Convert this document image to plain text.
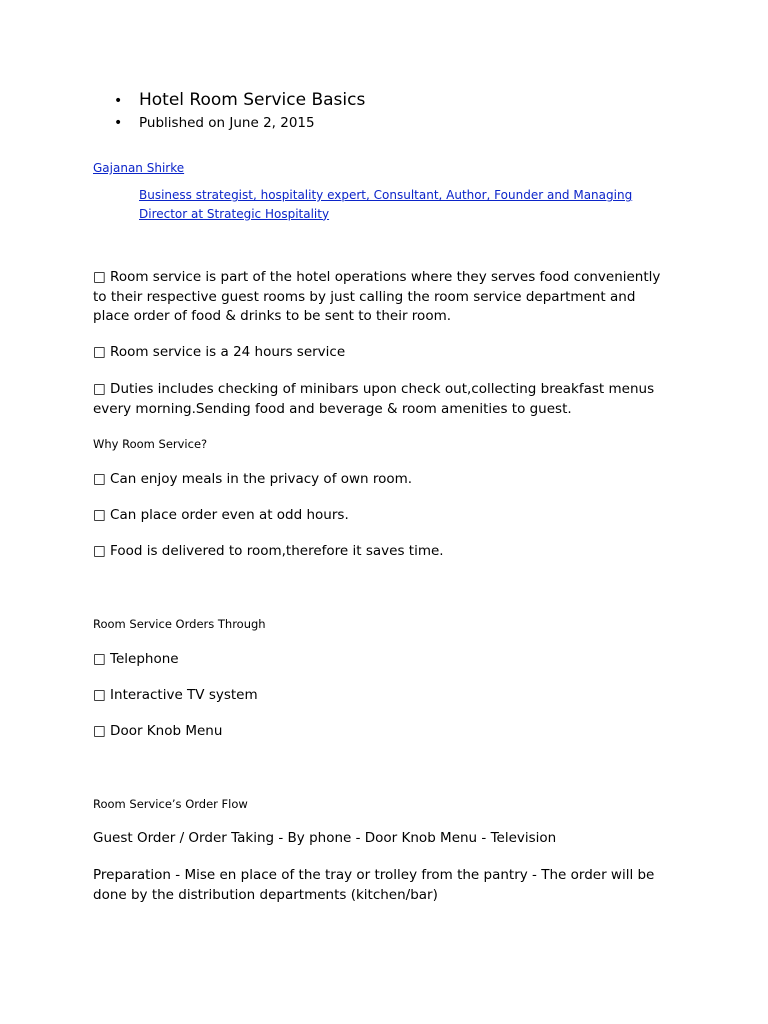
• Hotel Room Service Basics
• Published on June 2, 2015
Gajanan Shirke
Business strategist, hospitality expert, Consultant, Author, Founder and Managing Director at Strategic Hospitality

□ Room service is part of the hotel operations where they serves food conveniently to their respective guest rooms by just calling the room service department and place order of food & drinks to be sent to their room.

□ Room service is a 24 hours service

□ Duties includes checking of minibars upon check out,collecting breakfast menus every morning.Sending food and beverage & room amenities to guest.

Why Room Service?

□ Can enjoy meals in the privacy of own room.

□ Can place order even at odd hours.

□ Food is delivered to room,therefore it saves time.

Room Service Orders Through

□ Telephone

□ Interactive TV system

□ Door Knob Menu

Room Service’s Order Flow

Guest Order / Order Taking - By phone - Door Knob Menu - Television

Preparation - Mise en place of the tray or trolley from the pantry - The order will be done by the distribution departments (kitchen/bar)
